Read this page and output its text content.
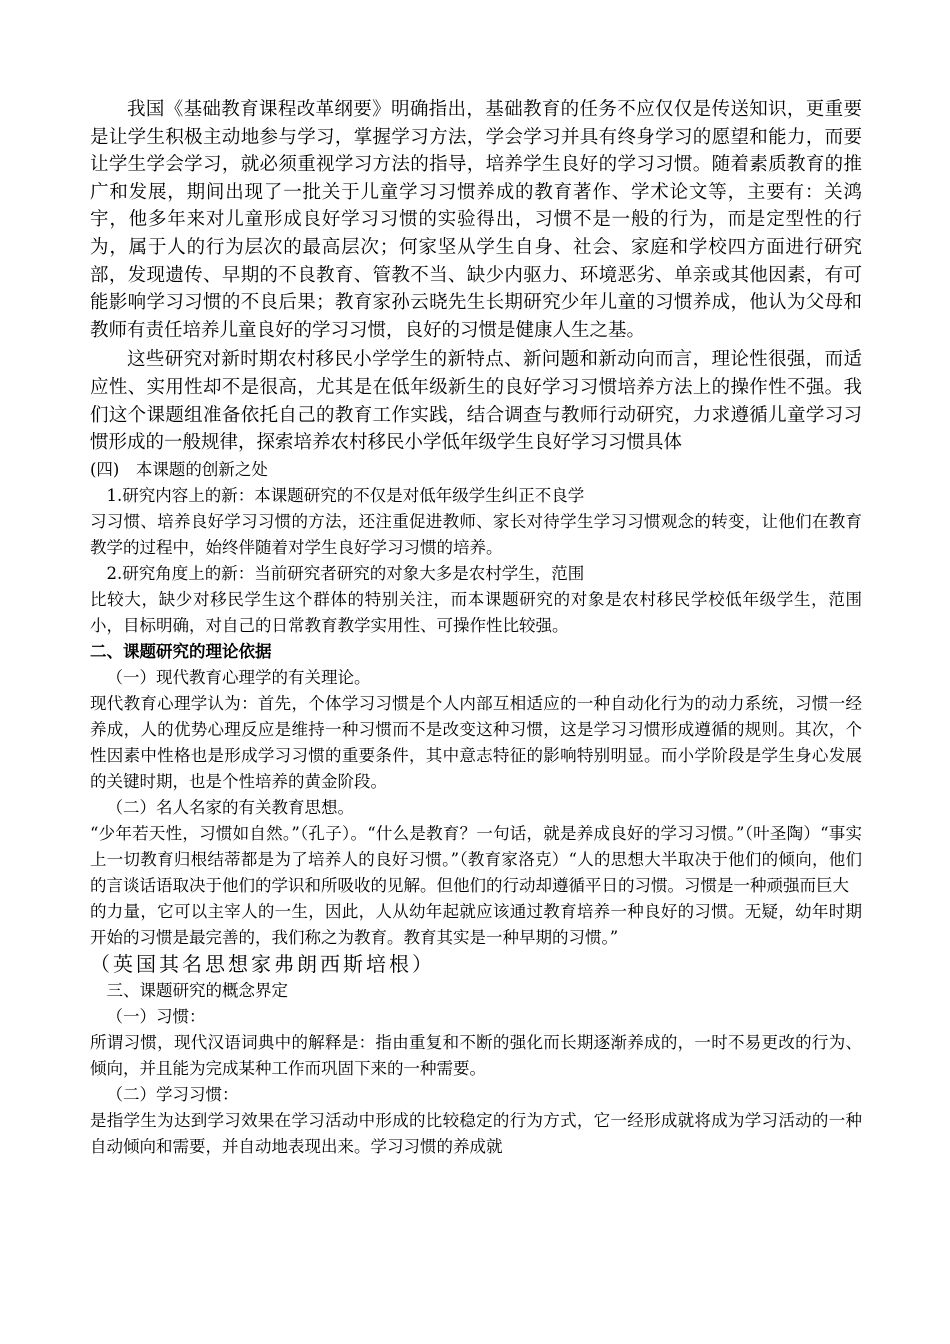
我国《基础教育课程改革纲要》明确指出，基础教育的任务不应仅仅是传送知识，更重要是让学生积极主动地参与学习，掌握学习方法，学会学习并具有终身学习的愿望和能力，而要让学生学会学习，就必须重视学习方法的指导，培养学生良好的学习习惯。随着素质教育的推广和发展，期间出现了一批关于儿童学习习惯养成的教育著作、学术论文等，主要有：关鸿宇，他多年来对儿童形成良好学习习惯的实验得出，习惯不是一般的行为，而是定型性的行为，属于人的行为层次的最高层次；何家坚从学生自身、社会、家庭和学校四方面进行研究部，发现遗传、早期的不良教育、管教不当、缺少内驱力、环境恶劣、单亲或其他因素，有可能影响学习习惯的不良后果；教育家孙云晓先生长期研究少年儿童的习惯养成，他认为父母和教师有责任培养儿童良好的学习习惯，良好的习惯是健康人生之基。

这些研究对新时期农村移民小学学生的新特点、新问题和新动向而言，理论性很强，而适应性、实用性却不是很高，尤其是在低年级新生的良好学习习惯培养方法上的操作性不强。我们这个课题组准备依托自己的教育工作实践，结合调查与教师行动研究，力求遵循儿童学习习惯形成的一般规律，探索培养农村移民小学低年级学生良好学习习惯具体

(四)　本课题的创新之处

1.研究内容上的新：本课题研究的不仅是对低年级学生纠正不良学

习习惯、培养良好学习习惯的方法，还注重促进教师、家长对待学生学习习惯观念的转变，让他们在教育教学的过程中，始终伴随着对学生良好学习习惯的培养。

2.研究角度上的新：当前研究者研究的对象大多是农村学生，范围

比较大，缺少对移民学生这个群体的特别关注，而本课题研究的对象是农村移民学校低年级学生，范围小，目标明确，对自己的日常教育教学实用性、可操作性比较强。

二、课题研究的理论依据

（一）现代教育心理学的有关理论。

现代教育心理学认为：首先，个体学习习惯是个人内部互相适应的一种自动化行为的动力系统，习惯一经养成，人的优势心理反应是维持一种习惯而不是改变这种习惯，这是学习习惯形成遵循的规则。其次，个性因素中性格也是形成学习习惯的重要条件，其中意志特征的影响特别明显。而小学阶段是学生身心发展的关键时期，也是个性培养的黄金阶段。

（二）名人名家的有关教育思想。

“少年若天性，习惯如自然。”（孔子）。“什么是教育？一句话，就是养成良好的学习习惯。”（叶圣陶）“事实上一切教育归根结蒂都是为了培养人的良好习惯。”（教育家洛克）“人的思想大半取决于他们的倾向，他们的言谈话语取决于他们的学识和所吸收的见解。但他们的行动却遵循平日的习惯。习惯是一种顽强而巨大

的力量，它可以主宰人的一生，因此，人从幼年起就应该通过教育培养一种良好的习惯。无疑，幼年时期开始的习惯是最完善的，我们称之为教育。教育其实是一种早期的习惯。”

（英国其名思想家弗朗西斯培根）

三、课题研究的概念界定

（一）习惯：

所谓习惯，现代汉语词典中的解释是：指由重复和不断的强化而长期逐渐养成的，一时不易更改的行为、倾向，并且能为完成某种工作而巩固下来的一种需要。

（二）学习习惯：

是指学生为达到学习效果在学习活动中形成的比较稳定的行为方式，它一经形成就将成为学习活动的一种自动倾向和需要，并自动地表现出来。学习习惯的养成就
